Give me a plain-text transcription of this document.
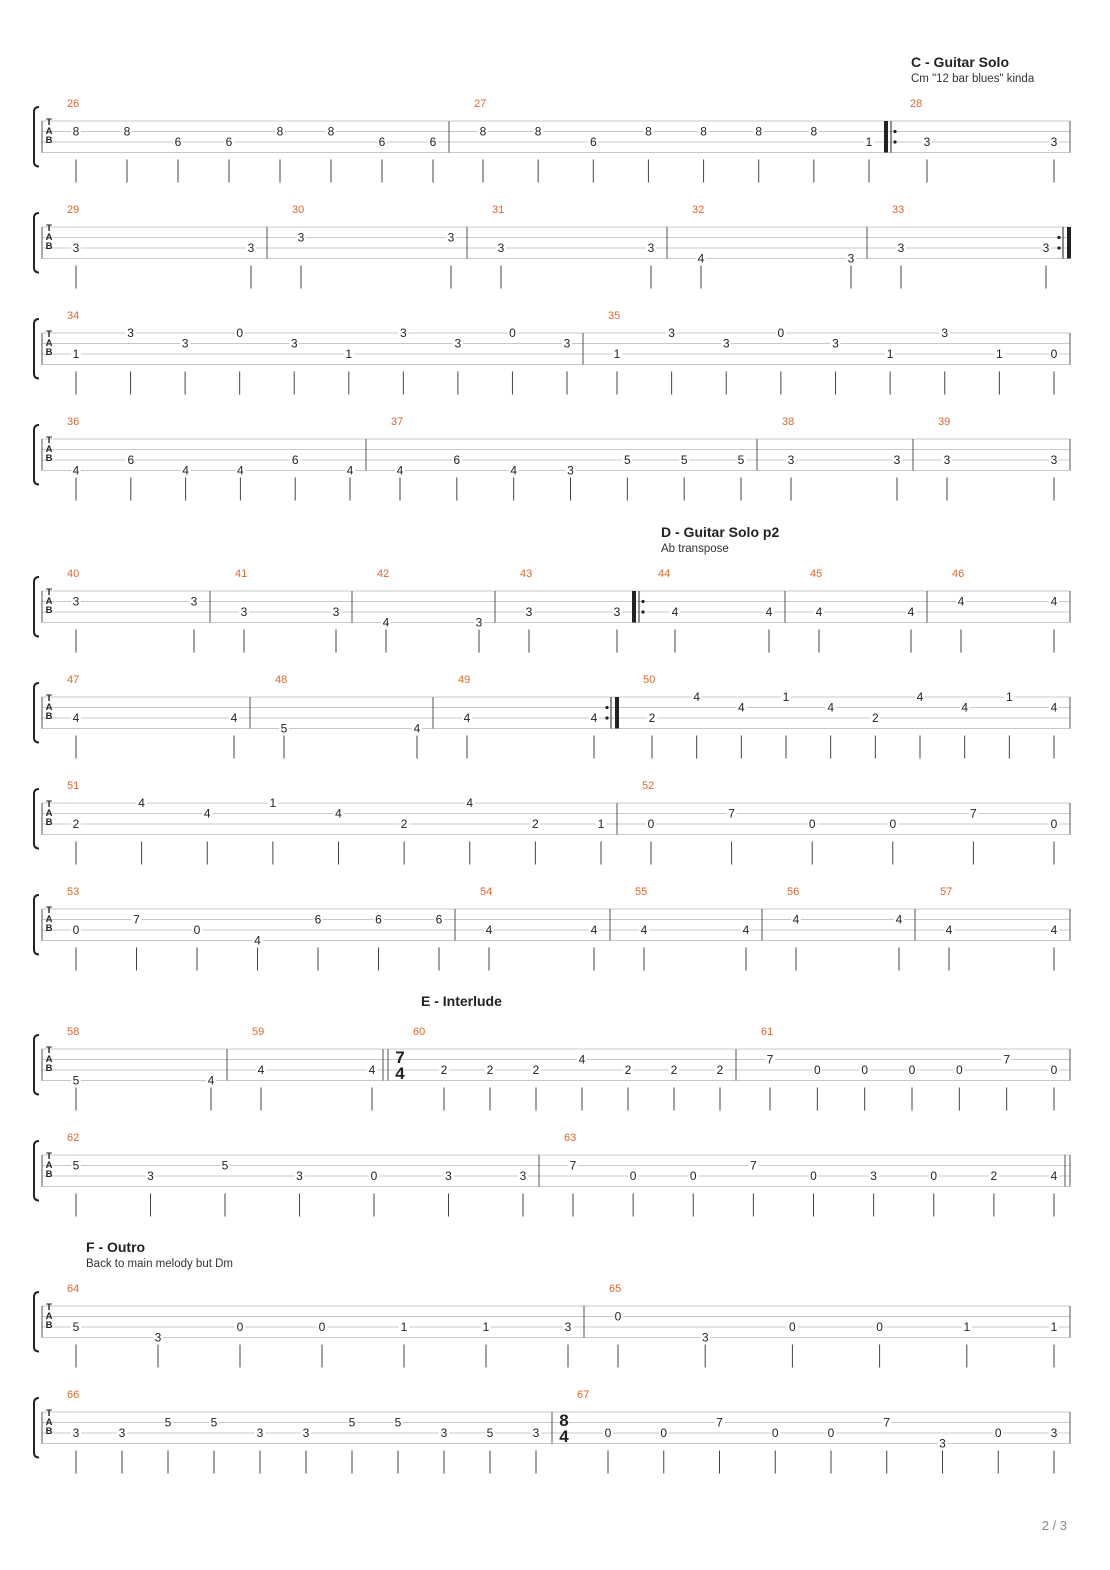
C - Guitar Solo
Cm "12 bar blues" kinda
D - Guitar Solo p2
Ab transpose
E - Interlude
F - Outro
Back to main melody but Dm
T
A
B
26
8	8
6	6
8	8
6	6
27
8	8
6
8	8	8	8
1
28
3	3
T
A
B
29
3	3
30
3	3
31
3	3
32
4	3
33
3	3
T
A
B
34
1
3
3
0
3
1
3
3
0
3
35
1
3
3
0
3
1
3
1	0
T
A
B
36
4
6
4	4
6
4
37
4
6
4	3
5	5	5
38
3	3
39
3	3
T
A
B
40
3	3
41
3	3
42
4	3
43
3	3
44
4	4
45
4	4
46
4	4
T
A
B
47
4	4
48
5	4
49
4	4
50
2
4
4
1
4
2
4
4
1
4
T
A
B
51
2
4
4
1
4
2
4
2	1
52
0
7
0	0
7
0
T
A
B
53
0
7
0
4
6	6	6
54
4	4
55
4	4
56
4	4
57
4	4
T
A
B
58
5	4
59
4	4
60
7
4	2	2	2
4
2	2	2
61
7
0	0	0	0
7
0
T
A
B
62
5
3
5
3	0	3	3
63
7
0	0
7
0	3	0	2	4
T
A
B
64
5
3
0	0	1	1	3
65
0
3
0	0	1	1
T
A
B
66
3	3
5	5
3	3
5	5
3	5	3
67
8
4	0	0
7
0	0
7
3
0	3
2 / 3
